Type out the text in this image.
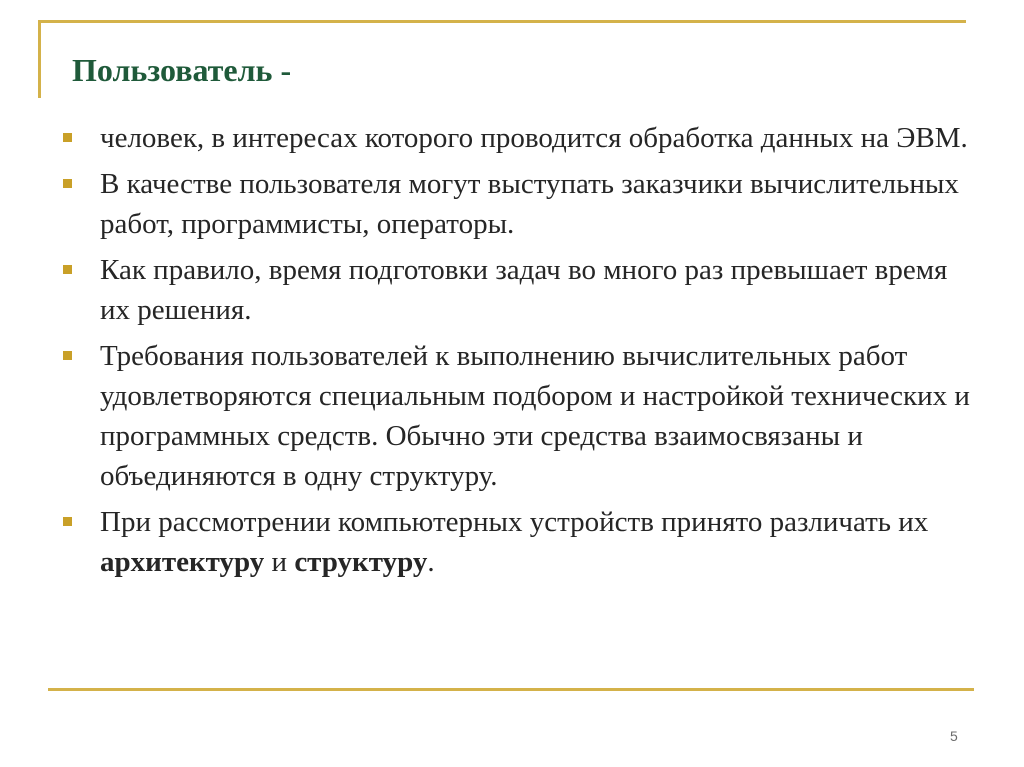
Пользователь -
человек, в интересах которого проводится обработка данных на ЭВМ.
В качестве пользователя могут выступать заказчики вычислительных работ, программисты, операторы.
Как правило, время подготовки задач во много раз превышает время их решения.
Требования пользователей к выполнению вычислительных работ удовлетворяются специальным подбором и настройкой технических и программных средств. Обычно эти средства взаимосвязаны и объединяются в одну структуру.
При рассмотрении компьютерных устройств принято различать их архитектуру и структуру.
5
